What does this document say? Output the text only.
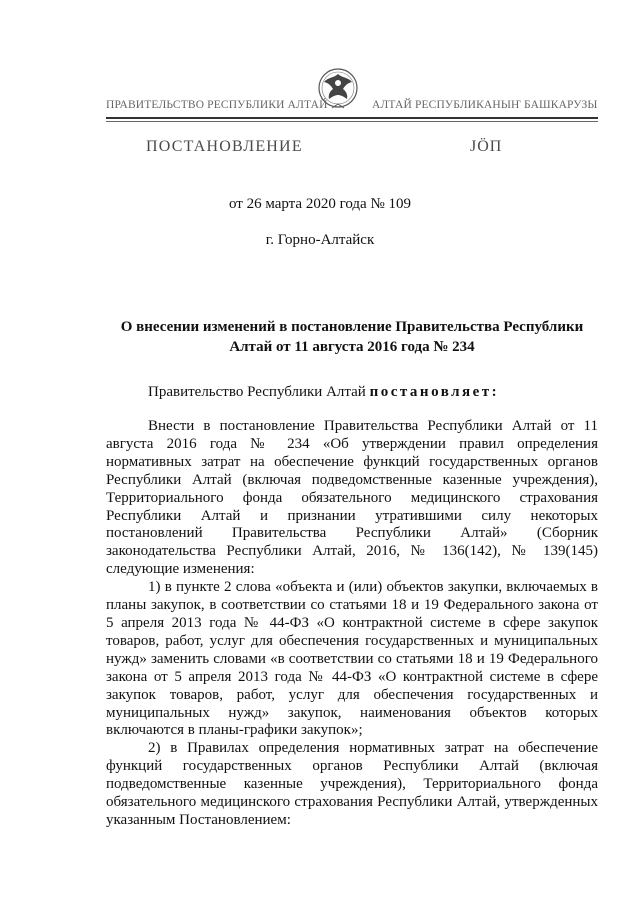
ПРАВИТЕЛЬСТВО РЕСПУБЛИКИ АЛТАЙ	АЛТАЙ РЕСПУБЛИКАНЫҤ БАШКАРУЗЫ
ПОСТАНОВЛЕНИЕ	ЈӦП
от 26 марта 2020 года № 109
г. Горно-Алтайск
О внесении изменений в постановление Правительства Республики
Алтай от 11 августа 2016 года № 234
Правительство Республики Алтай постановляет:

Внести в постановление Правительства Республики Алтай от 11 августа 2016 года № 234 «Об утверждении правил определения нормативных затрат на обеспечение функций государственных органов Республики Алтай (включая подведомственные казенные учреждения), Территориального фонда обязательного медицинского страхования Республики Алтай и признании утратившими силу некоторых постановлений Правительства Республики Алтай» (Сборник законодательства Республики Алтай, 2016, № 136(142), № 139(145) следующие изменения:

1) в пункте 2 слова «объекта и (или) объектов закупки, включаемых в планы закупок, в соответствии со статьями 18 и 19 Федерального закона от 5 апреля 2013 года № 44-ФЗ «О контрактной системе в сфере закупок товаров, работ, услуг для обеспечения государственных и муниципальных нужд» заменить словами «в соответствии со статьями 18 и 19 Федерального закона от 5 апреля 2013 года № 44-ФЗ «О контрактной системе в сфере закупок товаров, работ, услуг для обеспечения государственных и муниципальных нужд» закупок, наименования объектов которых включаются в планы-графики закупок»;

2) в Правилах определения нормативных затрат на обеспечение функций государственных органов Республики Алтай (включая подведомственные казенные учреждения), Территориального фонда обязательного медицинского страхования Республики Алтай, утвержденных указанным Постановлением:
